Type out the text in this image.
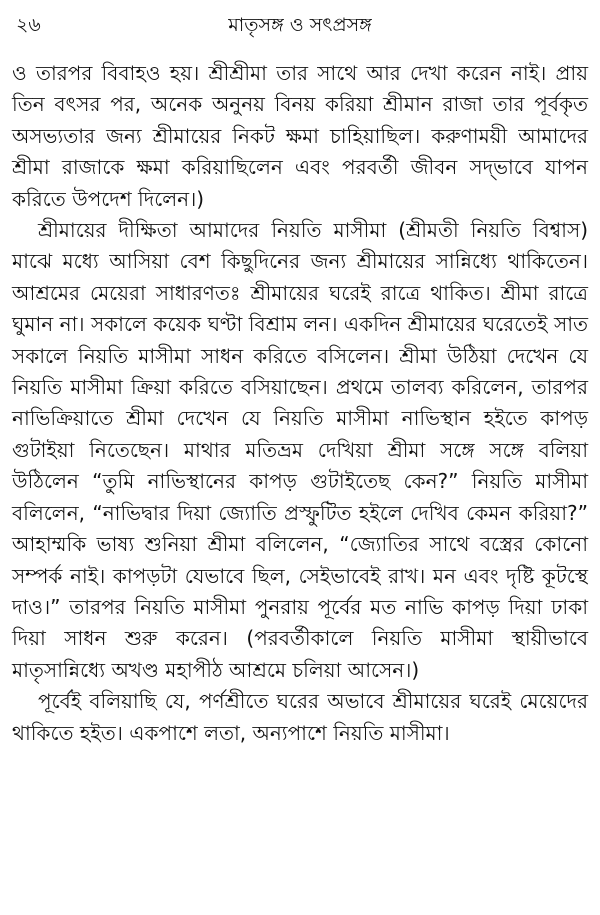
২৬	মাতৃসঙ্গ ও সৎপ্রসঙ্গ

ও তারপর বিবাহও হয়। শ্রীশ্রীমা তার সাথে আর দেখা করেন নাই। প্রায় তিন বৎসর পর, অনেক অনুনয় বিনয় করিয়া শ্রীমান রাজা তার পূর্বকৃত অসভ্যতার জন্য শ্রীমায়ের নিকট ক্ষমা চাহিয়াছিল। করুণাময়ী আমাদের শ্রীমা রাজাকে ক্ষমা করিয়াছিলেন এবং পরবর্তী জীবন সদ্‌ভাবে যাপন করিতে উপদেশ দিলেন।)

শ্রীমায়ের দীক্ষিতা আমাদের নিয়তি মাসীমা (শ্রীমতী নিয়তি বিশ্বাস) মাঝে মধ্যে আসিয়া বেশ কিছুদিনের জন্য শ্রীমায়ের সান্নিধ্যে থাকিতেন। আশ্রমের মেয়েরা সাধারণতঃ শ্রীমায়ের ঘরেই রাত্রে থাকিত। শ্রীমা রাত্রে ঘুমান না। সকালে কয়েক ঘণ্টা বিশ্রাম লন। একদিন শ্রীমায়ের ঘরেতেই সাত সকালে নিয়তি মাসীমা সাধন করিতে বসিলেন। শ্রীমা উঠিয়া দেখেন যে নিয়তি মাসীমা ক্রিয়া করিতে বসিয়াছেন। প্রথমে তালব্য করিলেন, তারপর নাভিক্রিয়াতে শ্রীমা দেখেন যে নিয়তি মাসীমা নাভিস্থান হইতে কাপড় গুটাইয়া নিতেছেন। মাথার মতিভ্রম দেখিয়া শ্রীমা সঙ্গে সঙ্গে বলিয়া উঠিলেন “তুমি নাভিস্থানের কাপড় গুটাইতেছ কেন?” নিয়তি মাসীমা বলিলেন, “নাভিদ্বার দিয়া জ্যোতি প্রস্ফুটিত হইলে দেখিব কেমন করিয়া?” আহাম্মকি ভাষ্য শুনিয়া শ্রীমা বলিলেন, “জ্যোতির সাথে বস্ত্রের কোনো সম্পর্ক নাই। কাপড়টা যেভাবে ছিল, সেইভাবেই রাখ। মন এবং দৃষ্টি কূটস্থে দাও।” তারপর নিয়তি মাসীমা পুনরায় পূর্বের মত নাভি কাপড় দিয়া ঢাকা দিয়া সাধন শুরু করেন। (পরবর্তীকালে নিয়তি মাসীমা স্থায়ীভাবে মাতৃসান্নিধ্যে অখণ্ড মহাপীঠ আশ্রমে চলিয়া আসেন।)

পূর্বেই বলিয়াছি যে, পর্ণশ্রীতে ঘরের অভাবে শ্রীমায়ের ঘরেই মেয়েদের থাকিতে হইত। একপাশে লতা, অন্যপাশে নিয়তি মাসীমা।
